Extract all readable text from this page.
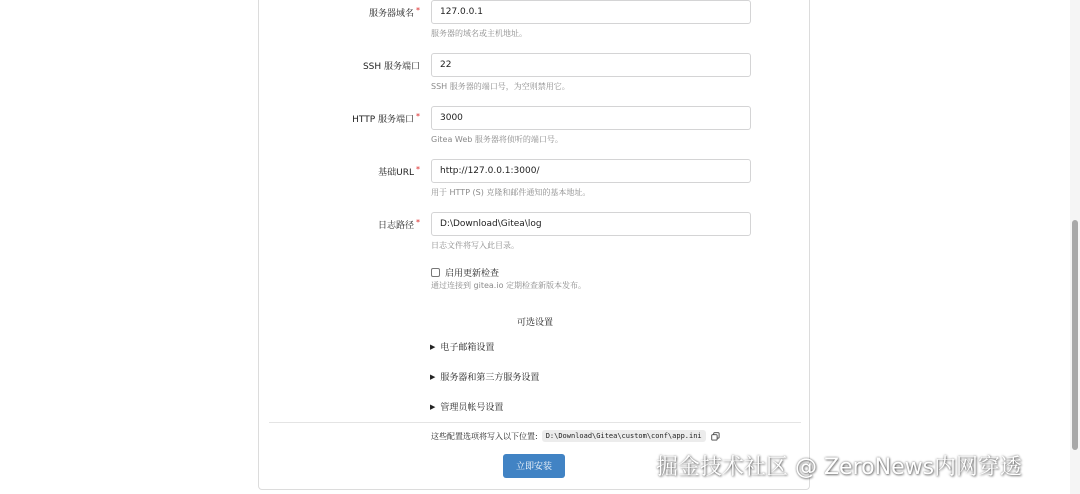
服务器域名 *
127.0.0.1
服务器的域名或主机地址。
SSH 服务端口
22
SSH 服务器的端口号，为空则禁用它。
HTTP 服务端口 *
3000
Gitea Web 服务器将侦听的端口号。
基础URL *
http://127.0.0.1:3000/
用于 HTTP (S) 克隆和邮件通知的基本地址。
日志路径 *
D:\Download\Gitea\log
日志文件将写入此目录。
启用更新检查
通过连接到 gitea.io 定期检查新版本发布。
可选设置
▶ 电子邮箱设置
▶ 服务器和第三方服务设置
▶ 管理员帐号设置
这些配置选项将写入以下位置:	D:\Download\Gitea\custom\conf\app.ini
立即安装	掘金技术社区 @ ZeroNews内网穿透
